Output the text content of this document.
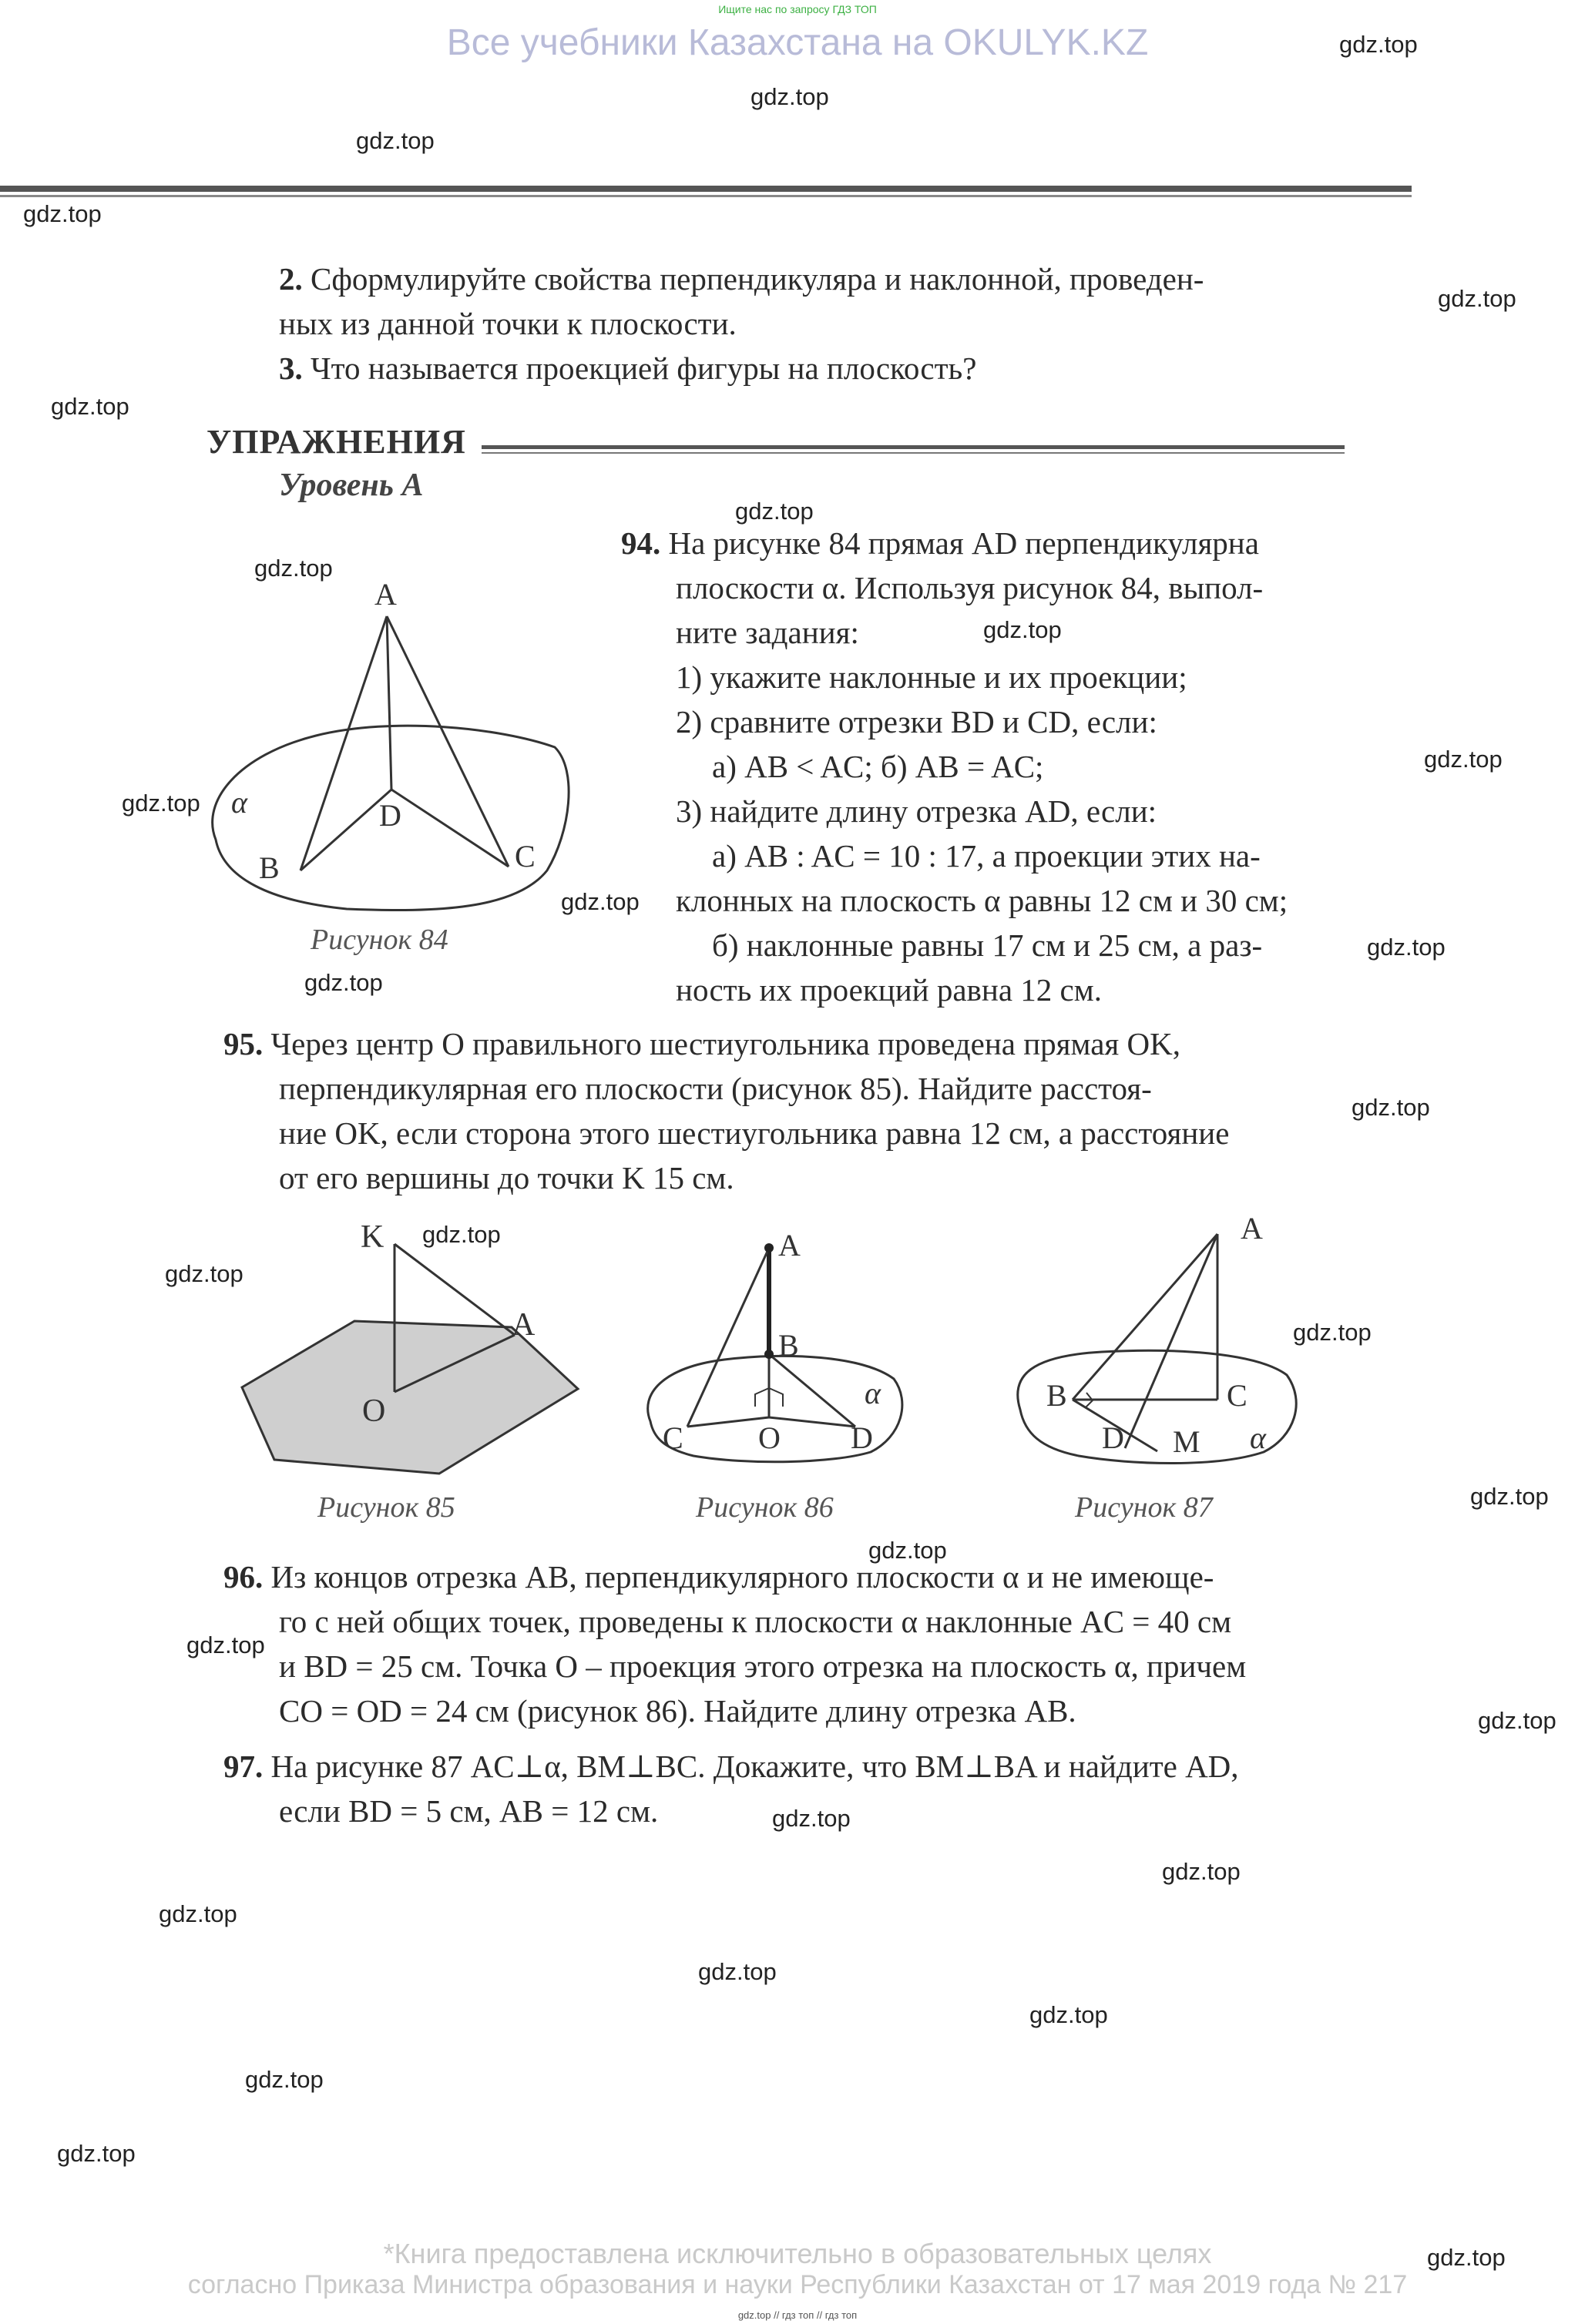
Ищите нас по запросу ГДЗ ТОП
Все учебники Казахстана на OKULYK.KZ	gdz.top
gdz.top
gdz.top
gdz.top
gdz.top
gdz.top
gdz.top
gdz.top
gdz.top
gdz.top
gdz.top
gdz.top
gdz.top
gdz.top
gdz.top
gdz.top
gdz.top
gdz.top
gdz.top
gdz.top
gdz.top
gdz.top
gdz.top
gdz.top
gdz.top
gdz.top
gdz.top
gdz.top
gdz.top
gdz.top
2. Сформулируйте свойства перпендикуляра и наклонной, проведен-
ных из данной точки к плоскости.
3. Что называется проекцией фигуры на плоскость?
УПРАЖНЕНИЯ
Уровень А
A
B	C
D
α
Рисунок 84
94. На рисунке 84 прямая AD перпендикулярна
плоскости α. Используя рисунок 84, выпол-
ните задания:
1) укажите наклонные и их проекции;
2) сравните отрезки BD и CD, если:
а) AB < AC; б) AB = AC;
3) найдите длину отрезка AD, если:
а) AB : AC = 10 : 17, а проекции этих на-
клонных на плоскость α равны 12 см и 30 см;
б) наклонные равны 17 см и 25 см, а раз-
ность их проекций равна 12 см.
95. Через центр O правильного шестиугольника проведена прямая OK,
перпендикулярная его плоскости (рисунок 85). Найдите расстоя-
ние OK, если сторона этого шестиугольника равна 12 см, а расстояние
от его вершины до точки K 15 см.
K
A
O
Рисунок 85
A
B
C O D
α
Рисунок 86
A
B	C
D M α
Рисунок 87
96. Из концов отрезка AB, перпендикулярного плоскости α и не имеюще-
го с ней общих точек, проведены к плоскости α наклонные AC = 40 см
и BD = 25 см. Точка O – проекция этого отрезка на плоскость α, причем
CO = OD = 24 см (рисунок 86). Найдите длину отрезка AB.
97. На рисунке 87 AC⊥α, BM⊥BC. Докажите, что BM⊥BA и найдите AD,
если BD = 5 см, AB = 12 см.
*Книга предоставлена исключительно в образовательных целях
согласно Приказа Министра образования и науки Республики Казахстан от 17 мая 2019 года № 217
gdz.top // гдз топ // гдз топ
